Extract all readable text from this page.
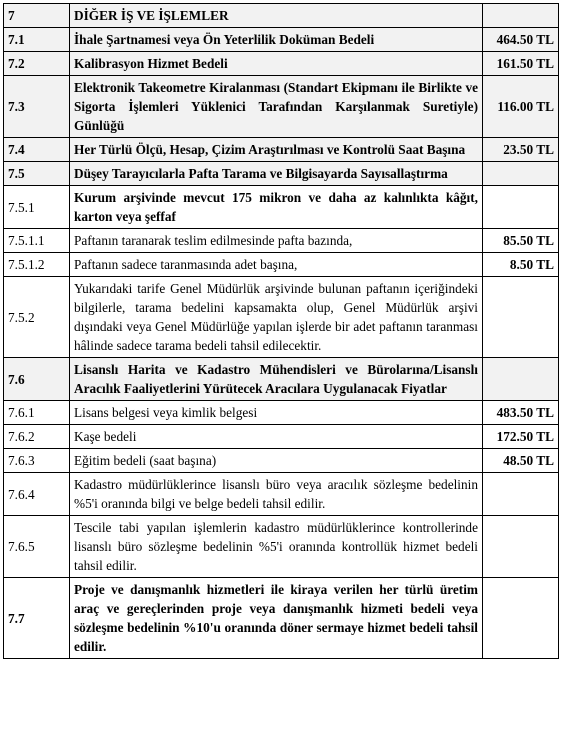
7	DİĞER İŞ VE İŞLEMLER	
7.1	İhale Şartnamesi veya Ön Yeterlilik Doküman Bedeli	464.50 TL
7.2	Kalibrasyon Hizmet Bedeli	161.50 TL
7.3	Elektronik Takeometre Kiralanması (Standart Ekipmanı ile Birlikte ve Sigorta İşlemleri Yüklenici Tarafından Karşılanmak Suretiyle) Günlüğü	116.00 TL
7.4	Her Türlü Ölçü, Hesap, Çizim Araştırılması ve Kontrolü Saat Başına	23.50 TL
7.5	Düşey Tarayıcılarla Pafta Tarama ve Bilgisayarda Sayısallaştırma	
7.5.1	Kurum arşivinde mevcut 175 mikron ve daha az kalınlıkta kâğıt, karton veya şeffaf	
7.5.1.1	Paftanın taranarak teslim edilmesinde pafta bazında,	85.50 TL
7.5.1.2	Paftanın sadece taranmasında adet başına,	8.50 TL
7.5.2	Yukarıdaki tarife Genel Müdürlük arşivinde bulunan paftanın içeriğindeki bilgilerle, tarama bedelini kapsamakta olup, Genel Müdürlük arşivi dışındaki veya Genel Müdürlüğe yapılan işlerde bir adet paftanın taranması hâlinde sadece tarama bedeli tahsil edilecektir.	
7.6	Lisanslı Harita ve Kadastro Mühendisleri ve Bürolarına/Lisanslı Aracılık Faaliyetlerini Yürütecek Aracılara Uygulanacak Fiyatlar	
7.6.1	Lisans belgesi veya kimlik belgesi	483.50 TL
7.6.2	Kaşe bedeli	172.50 TL
7.6.3	Eğitim bedeli (saat başına)	48.50 TL
7.6.4	Kadastro müdürlüklerince lisanslı büro veya aracılık sözleşme bedelinin %5'i oranında bilgi ve belge bedeli tahsil edilir.	
7.6.5	Tescile tabi yapılan işlemlerin kadastro müdürlüklerince kontrollerinde lisanslı büro sözleşme bedelinin %5'i oranında kontrollük hizmet bedeli tahsil edilir.	
7.7	Proje ve danışmanlık hizmetleri ile kiraya verilen her türlü üretim araç ve gereçlerinden proje veya danışmanlık hizmeti bedeli veya sözleşme bedelinin %10'u oranında döner sermaye hizmet bedeli tahsil edilir.	
